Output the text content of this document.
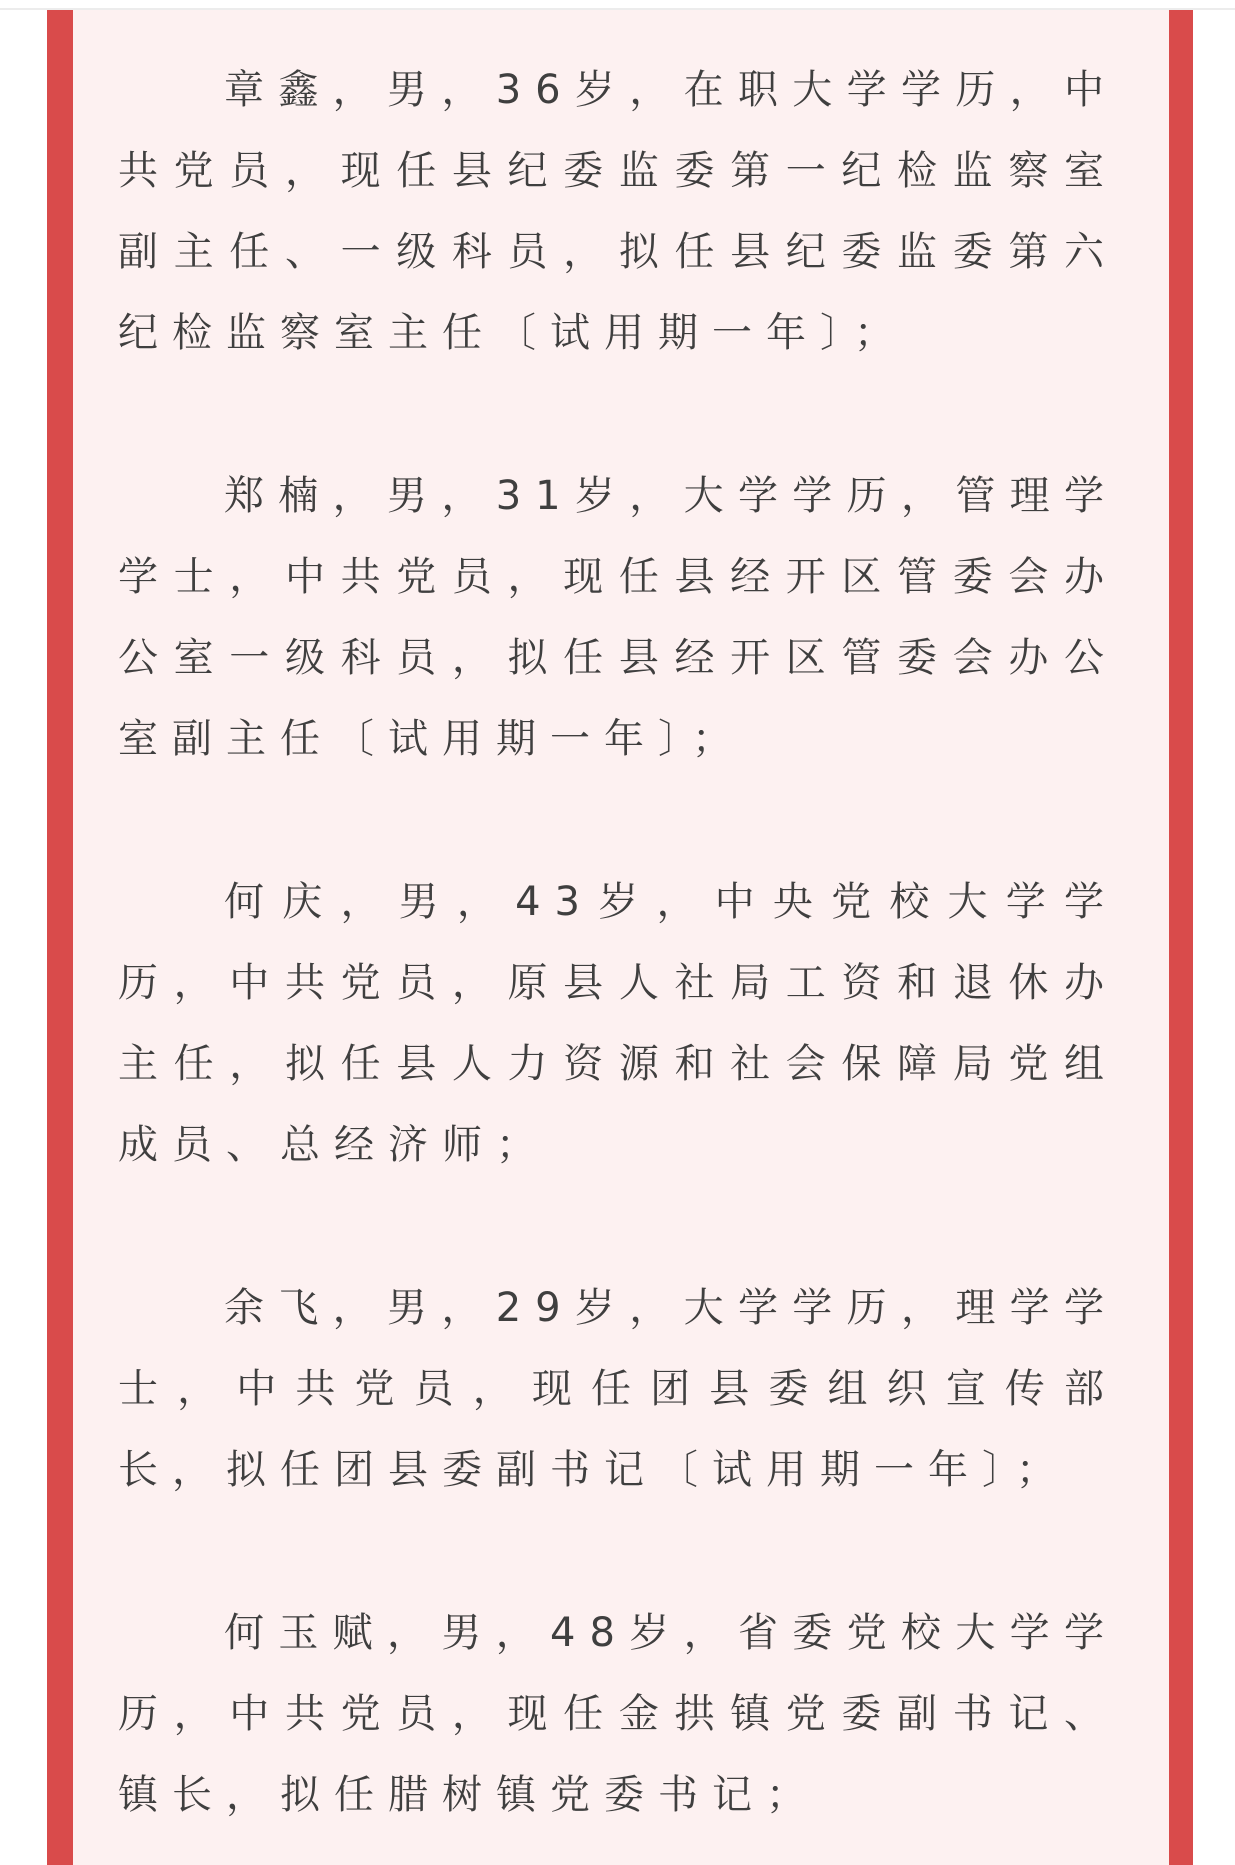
章鑫，男，36岁，在职大学学历，中共党员，现任县纪委监委第一纪检监察室副主任、一级科员，拟任县纪委监委第六纪检监察室主任〔试用期一年〕；

郑楠，男，31岁，大学学历，管理学学士，中共党员，现任县经开区管委会办公室一级科员，拟任县经开区管委会办公室副主任〔试用期一年〕；

何庆，男，43岁，中央党校大学学历，中共党员，原县人社局工资和退休办主任，拟任县人力资源和社会保障局党组成员、总经济师；

余飞，男，29岁，大学学历，理学学士，中共党员，现任团县委组织宣传部长，拟任团县委副书记〔试用期一年〕；

何玉赋，男，48岁，省委党校大学学历，中共党员，现任金拱镇党委副书记、镇长，拟任腊树镇党委书记；
